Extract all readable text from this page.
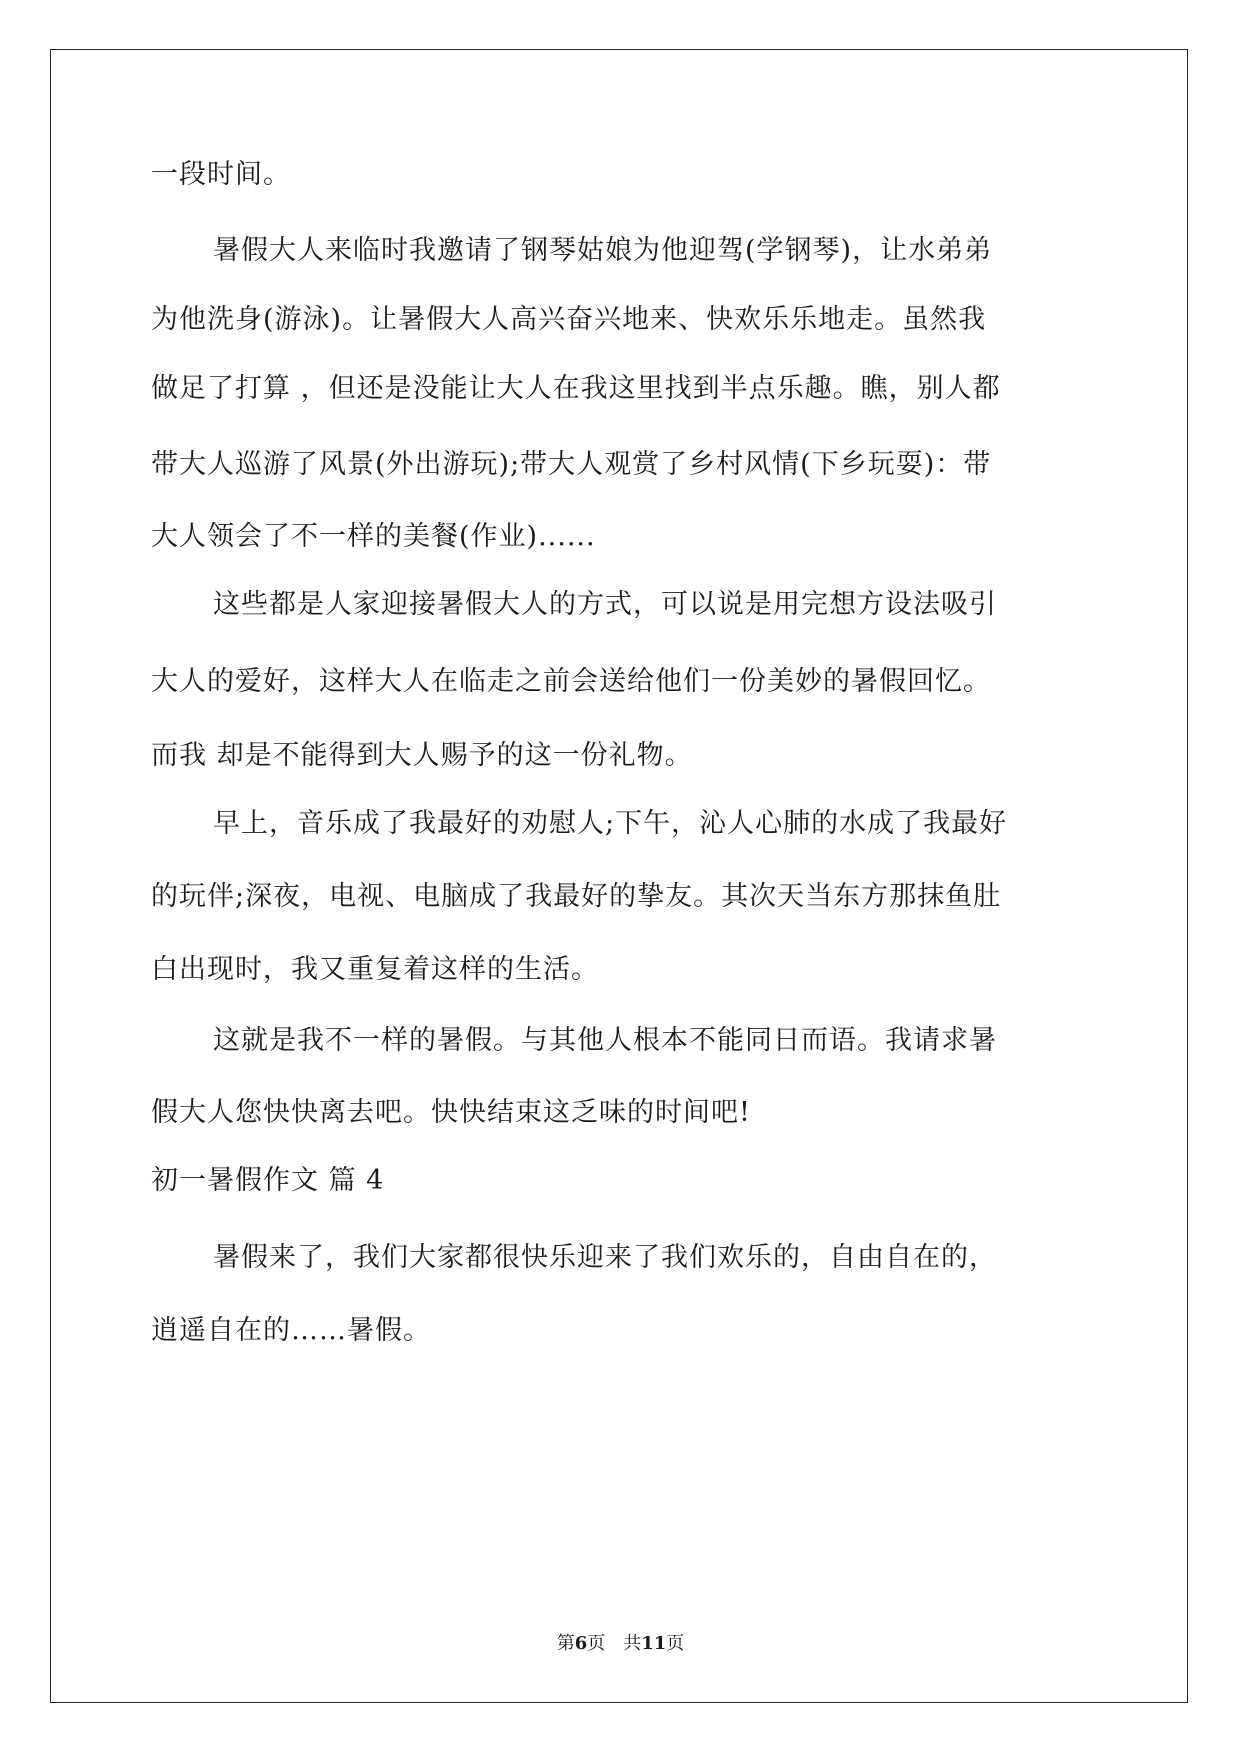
一段时间。
暑假大人来临时我邀请了钢琴姑娘为他迎驾(学钢琴)，让水弟弟
为他洗身(游泳)。让暑假大人高兴奋兴地来、快欢乐乐地走。虽然我
做足了打算 ，但还是没能让大人在我这里找到半点乐趣。瞧，别人都
带大人巡游了风景(外出游玩);带大人观赏了乡村风情(下乡玩耍)：带
大人领会了不一样的美餐(作业)......
这些都是人家迎接暑假大人的方式，可以说是用完想方设法吸引
大人的爱好，这样大人在临走之前会送给他们一份美妙的暑假回忆。
而我 却是不能得到大人赐予的这一份礼物。
早上，音乐成了我最好的劝慰人;下午，沁人心肺的水成了我最好
的玩伴;深夜，电视、电脑成了我最好的挚友。其次天当东方那抹鱼肚
白出现时，我又重复着这样的生活。
这就是我不一样的暑假。与其他人根本不能同日而语。我请求暑
假大人您快快离去吧。快快结束这乏味的时间吧!
初一暑假作文 篇 4
暑假来了，我们大家都很快乐迎来了我们欢乐的，自由自在的，
逍遥自在的……暑假。
第6页 共11页
